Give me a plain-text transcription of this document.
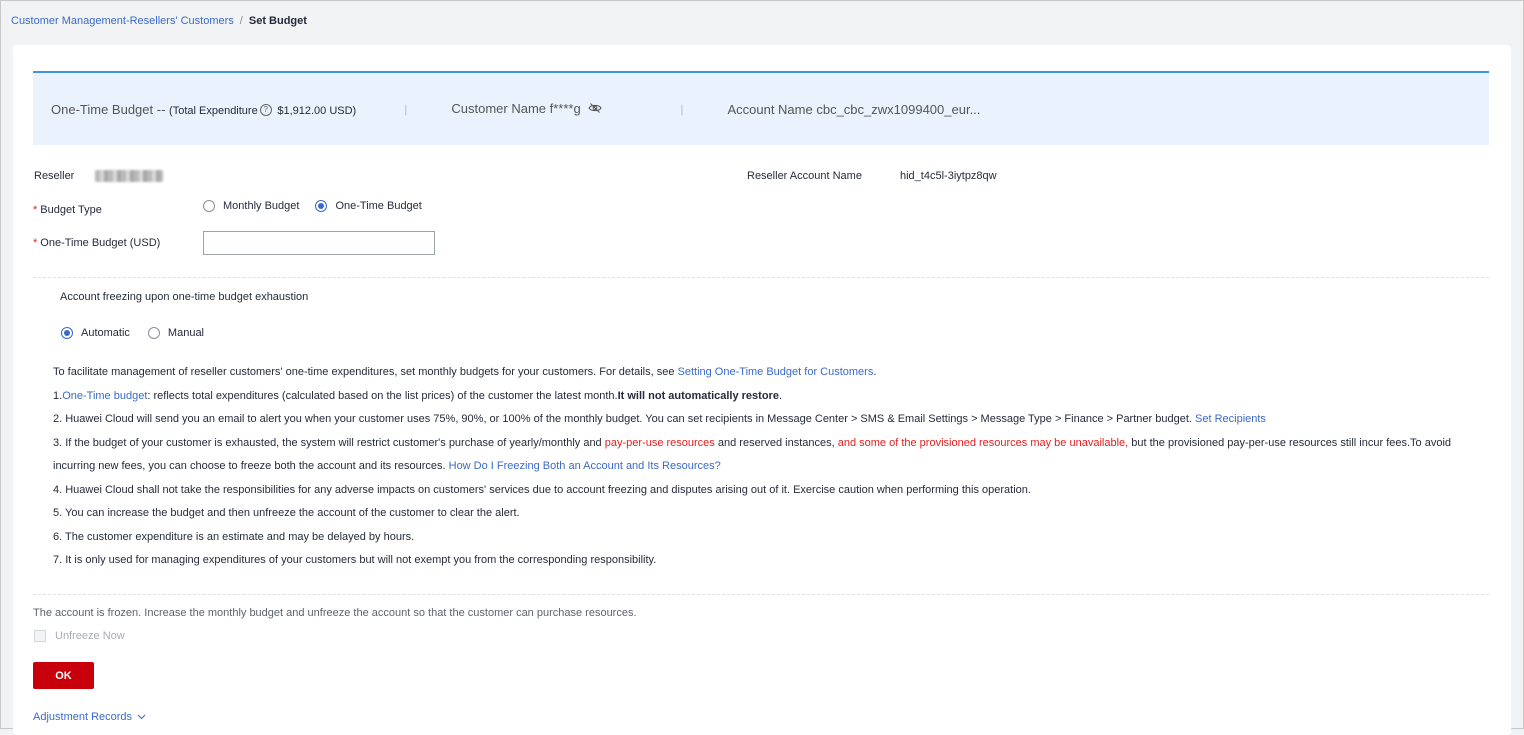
Customer Management-Resellers' Customers / Set Budget
One-Time Budget -- (Total Expenditure ? $1,912.00 USD)	|	Customer Name f****g	|	Account Name cbc_cbc_zwx1099400_eur...
Reseller	Reseller Account Name	hid_t4c5l-3iytpz8qw
* Budget Type	Monthly Budget	One-Time Budget
* One-Time Budget (USD)
Account freezing upon one-time budget exhaustion
Automatic	Manual

To facilitate management of reseller customers' one-time expenditures, set monthly budgets for your customers. For details, see Setting One-Time Budget for Customers.

1.One-Time budget: reflects total expenditures (calculated based on the list prices) of the customer the latest month.It will not automatically restore.

2. Huawei Cloud will send you an email to alert you when your customer uses 75%, 90%, or 100% of the monthly budget. You can set recipients in Message Center > SMS & Email Settings > Message Type > Finance > Partner budget. Set Recipients

3. If the budget of your customer is exhausted, the system will restrict customer's purchase of yearly/monthly and pay-per-use resources and reserved instances, and some of the provisioned resources may be unavailable, but the provisioned pay-per-use resources still incur fees.To avoid incurring new fees, you can choose to freeze both the account and its resources. How Do I Freezing Both an Account and Its Resources?

4. Huawei Cloud shall not take the responsibilities for any adverse impacts on customers' services due to account freezing and disputes arising out of it. Exercise caution when performing this operation.

5. You can increase the budget and then unfreeze the account of the customer to clear the alert.

6. The customer expenditure is an estimate and may be delayed by hours.

7. It is only used for managing expenditures of your customers but will not exempt you from the corresponding responsibility.

The account is frozen. Increase the monthly budget and unfreeze the account so that the customer can purchase resources.
Unfreeze Now
OK
Adjustment Records
